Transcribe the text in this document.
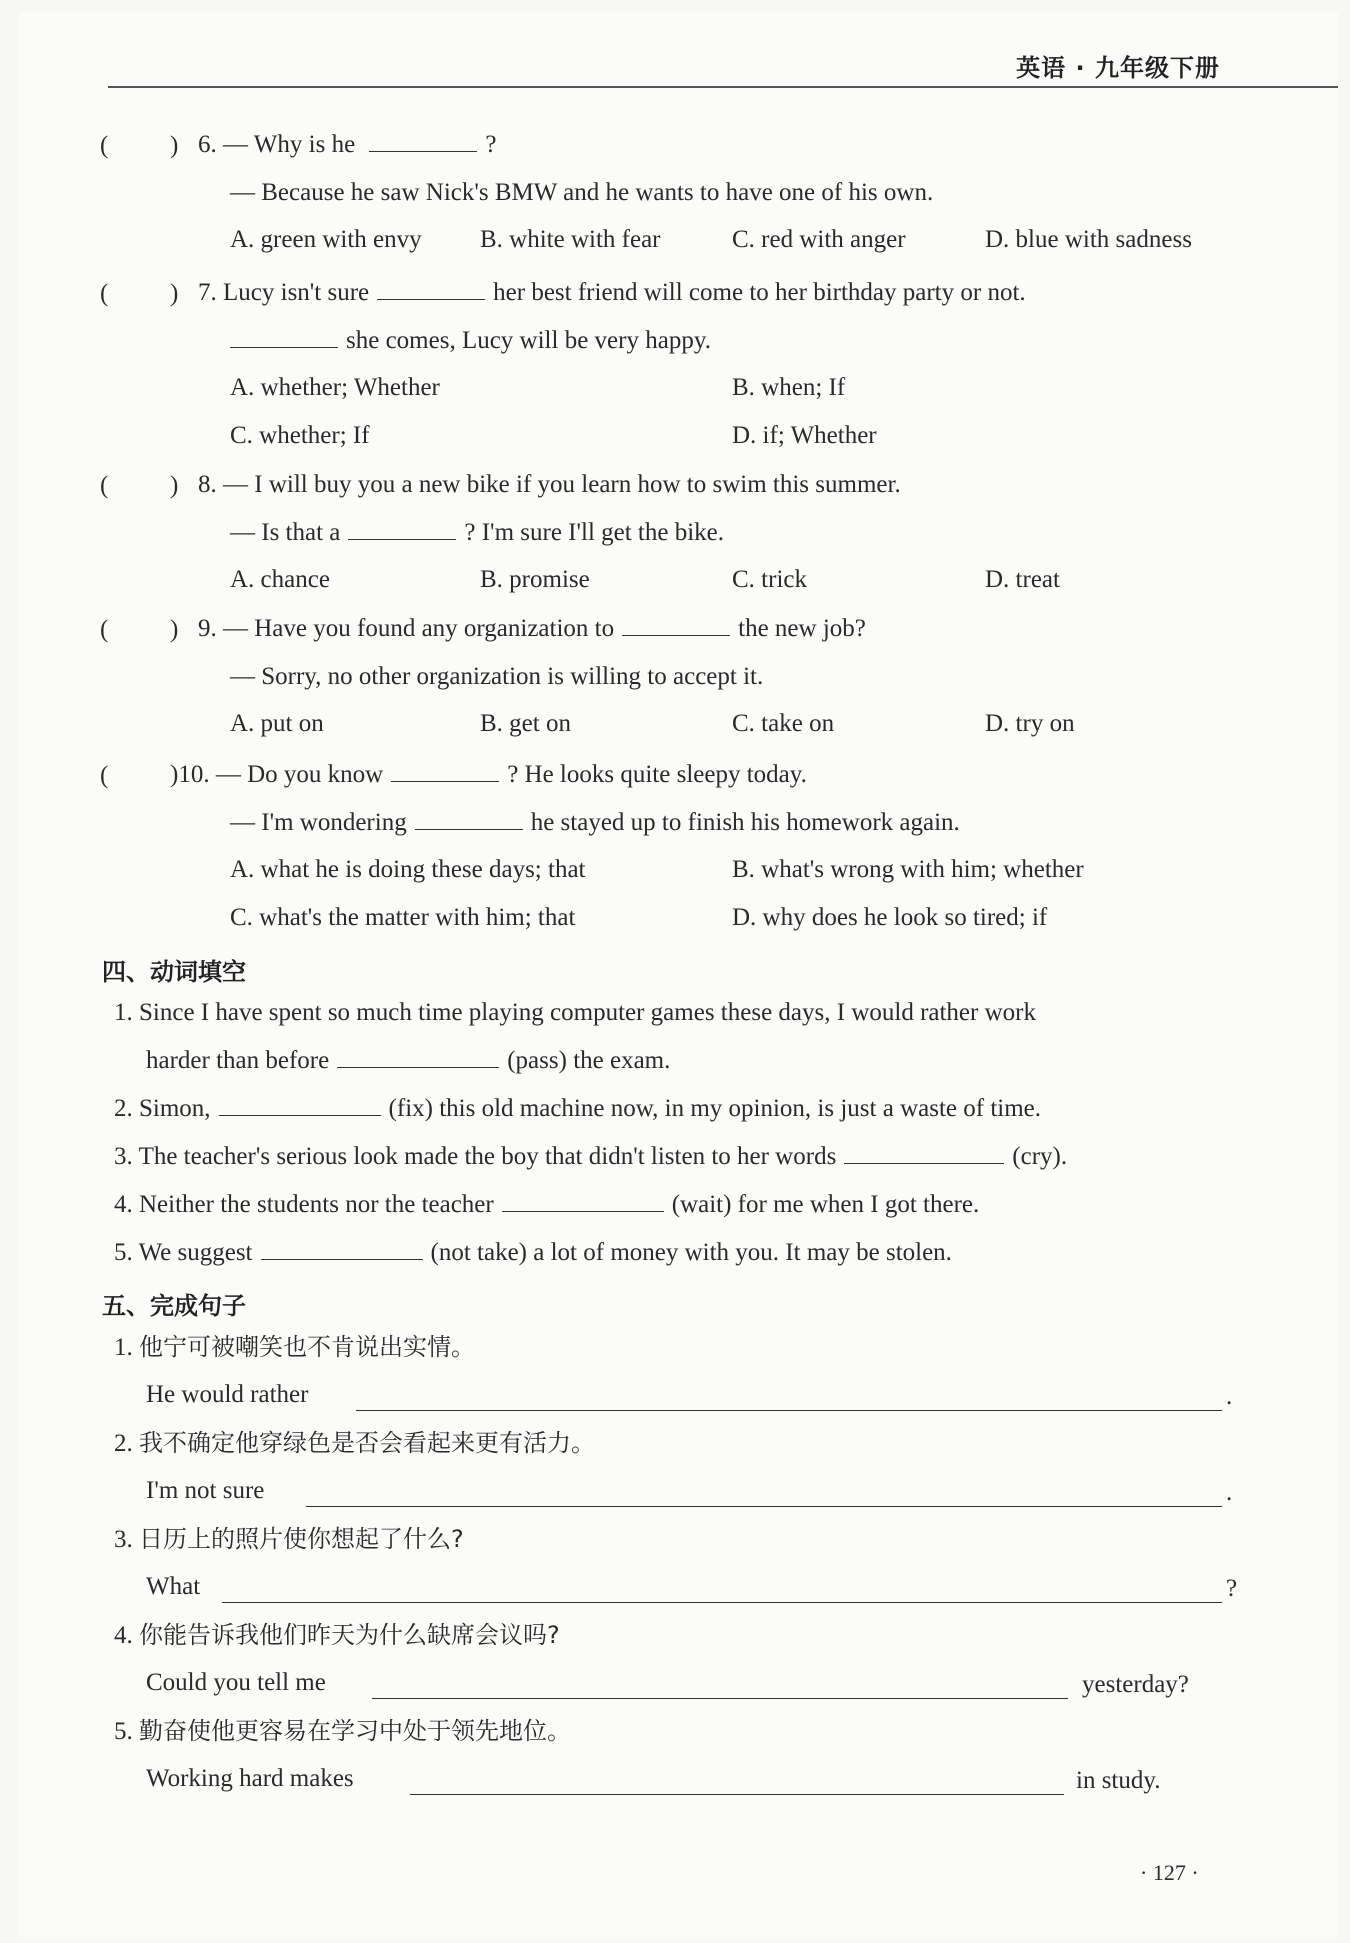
英语 · 九年级下册
( ) 6. — Why is he	?
— Because he saw Nick's BMW and he wants to have one of his own.
A. green with envy B. white with fear	C. red with anger	D. blue with sadness
( ) 7. Lucy isn't sure	her best friend will come to her birthday party or not.
she comes, Lucy will be very happy.
A. whether; Whether	B. when; If
C. whether; If	D. if; Whether
( ) 8. — I will buy you a new bike if you learn how to swim this summer.
— Is that a	? I'm sure I'll get the bike.
A. chance	B. promise	C. trick	D. treat
( ) 9. — Have you found any organization to	the new job?
— Sorry, no other organization is willing to accept it.
A. put on	B. get on	C. take on	D. try on
( )10. — Do you know	? He looks quite sleepy today.
— I'm wondering	he stayed up to finish his homework again.
A. what he is doing these days; that	B. what's wrong with him; whether
C. what's the matter with him; that	D. why does he look so tired; if
四、动词填空
1. Since I have spent so much time playing computer games these days, I would rather work
harder than before	(pass) the exam.
2. Simon,	(fix) this old machine now, in my opinion, is just a waste of time.
3. The teacher's serious look made the boy that didn't listen to her words	(cry).
4. Neither the students nor the teacher	(wait) for me when I got there.
5. We suggest	(not take) a lot of money with you. It may be stolen.
五、完成句子
1. 他宁可被嘲笑也不肯说出实情。
He would rather	.
2. 我不确定他穿绿色是否会看起来更有活力。
I'm not sure	.
3. 日历上的照片使你想起了什么?
What	?
4. 你能告诉我他们昨天为什么缺席会议吗?
Could you tell me	yesterday?
5. 勤奋使他更容易在学习中处于领先地位。
Working hard makes	in study.
· 127 ·
